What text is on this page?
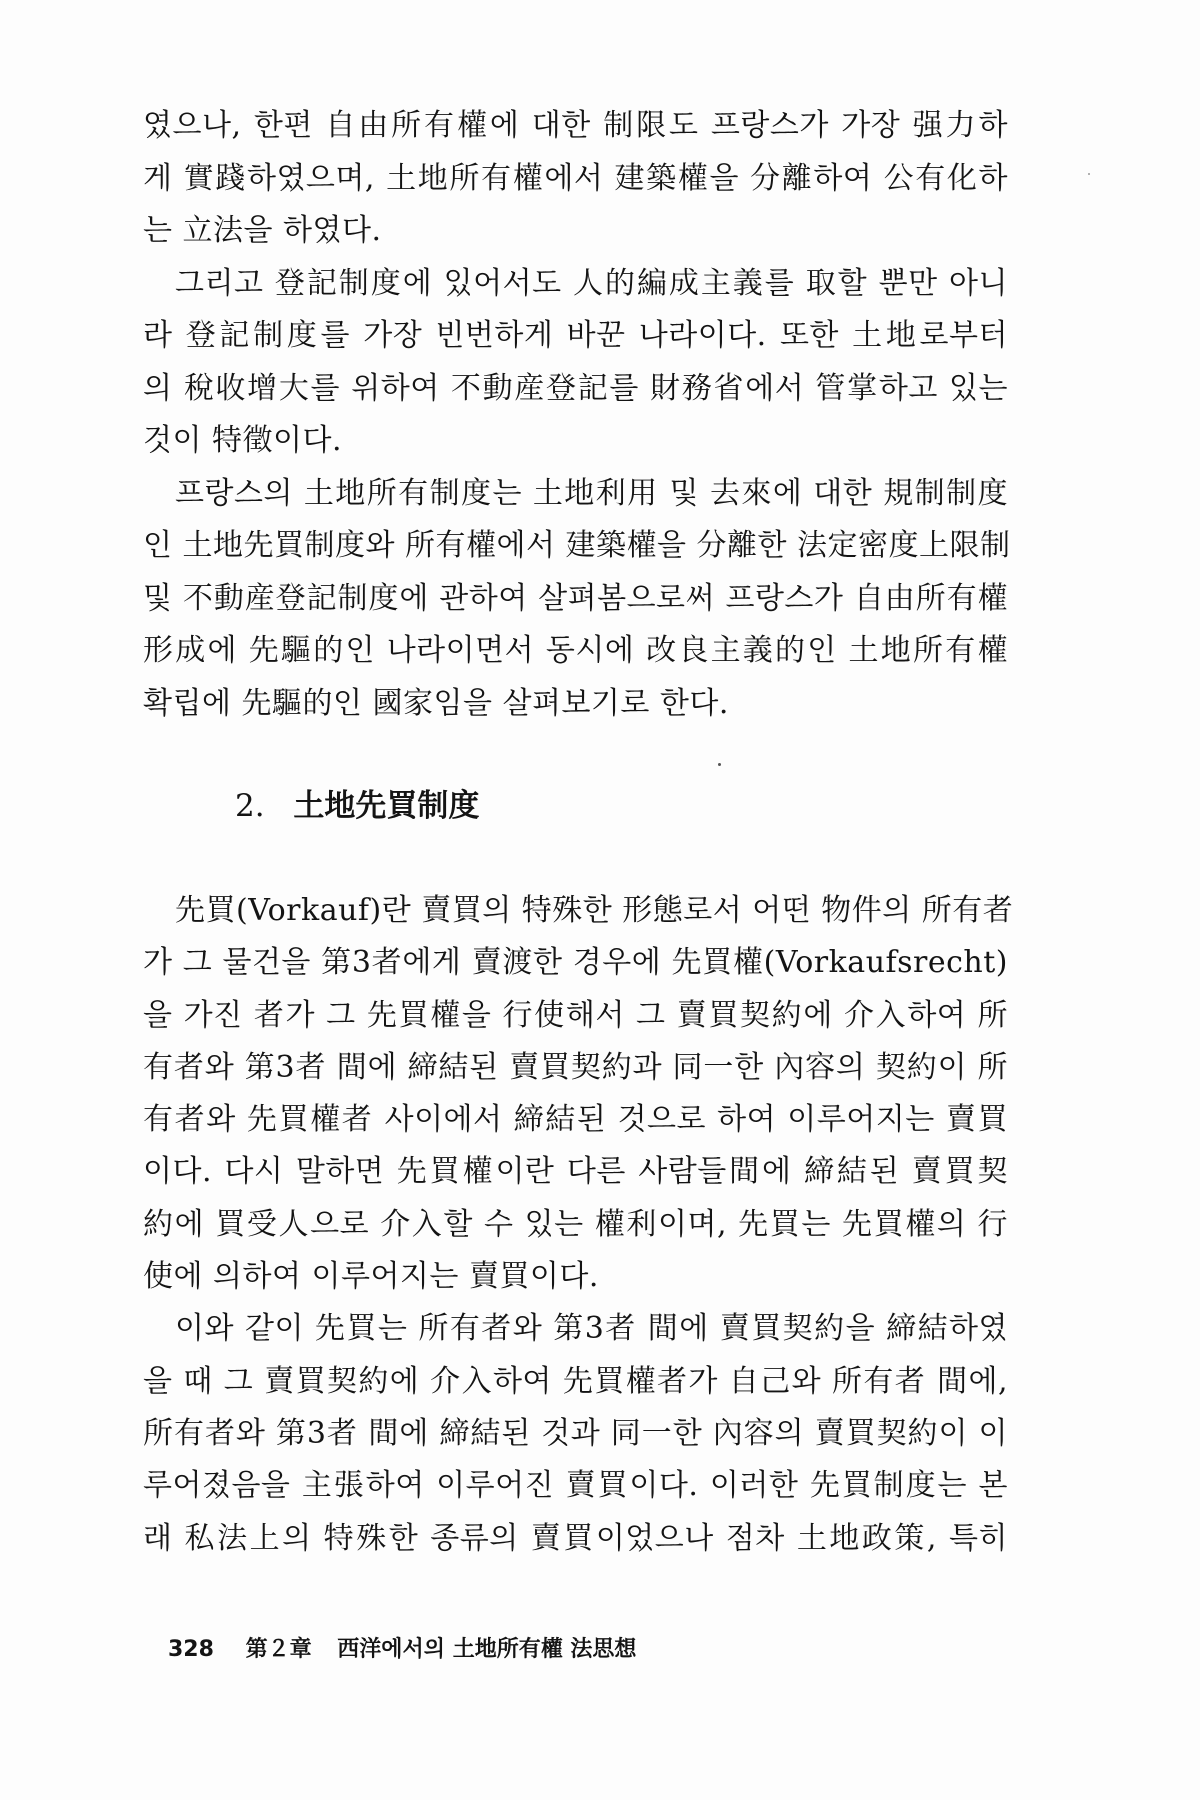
였으나, 한편 自由所有權에 대한 制限도 프랑스가 가장 强力하
게 實踐하였으며, 土地所有權에서 建築權을 分離하여 公有化하
는 立法을 하였다.
그리고 登記制度에 있어서도 人的編成主義를 取할 뿐만 아니
라 登記制度를 가장 빈번하게 바꾼 나라이다. 또한 土地로부터
의 稅收增大를 위하여 不動産登記를 財務省에서 管掌하고 있는
것이 特徵이다.
프랑스의 土地所有制度는 土地利用 및 去來에 대한 規制制度
인 土地先買制度와 所有權에서 建築權을 分離한 法定密度上限制
및 不動産登記制度에 관하여 살펴봄으로써 프랑스가 自由所有權
形成에 先驅的인 나라이면서 동시에 改良主義的인 土地所有權
확립에 先驅的인 國家임을 살펴보기로 한다.
2. 土地先買制度
先買(Vorkauf)란 賣買의 特殊한 形態로서 어떤 物件의 所有者
가 그 물건을 第3者에게 賣渡한 경우에 先買權(Vorkaufsrecht)
을 가진 者가 그 先買權을 行使해서 그 賣買契約에 介入하여 所
有者와 第3者 間에 締結된 賣買契約과 同一한 內容의 契約이 所
有者와 先買權者 사이에서 締結된 것으로 하여 이루어지는 賣買
이다. 다시 말하면 先買權이란 다른 사람들間에 締結된 賣買契
約에 買受人으로 介入할 수 있는 權利이며, 先買는 先買權의 行
使에 의하여 이루어지는 賣買이다.
이와 같이 先買는 所有者와 第3者 間에 賣買契約을 締結하였
을 때 그 賣買契約에 介入하여 先買權者가 自己와 所有者 間에,
所有者와 第3者 間에 締結된 것과 同一한 內容의 賣買契約이 이
루어졌음을 主張하여 이루어진 賣買이다. 이러한 先買制度는 본
래 私法上의 特殊한 종류의 賣買이었으나 점차 土地政策, 특히
328 第２章 西洋에서의 土地所有權 法思想
